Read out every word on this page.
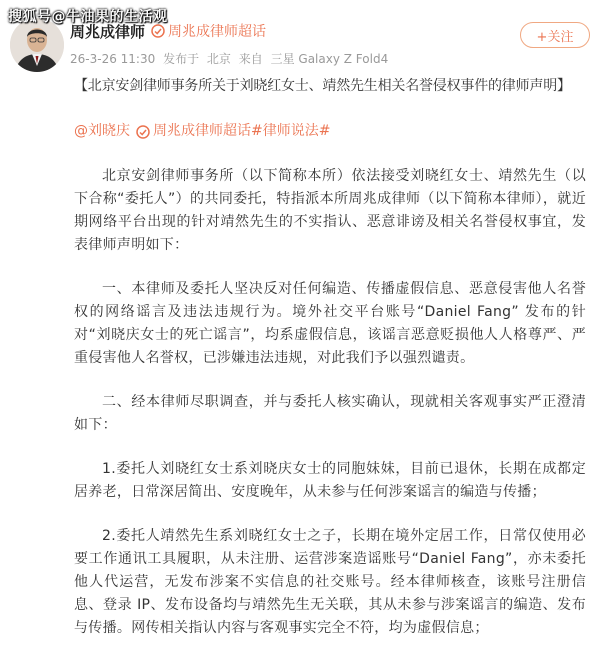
搜狐号@牛油果的生活观
周兆成律师 周兆成律师超话
26-3-26 11:30 发布于 北京 来自 三星 Galaxy Z Fold4
+关注
【北京安剑律师事务所关于刘晓红女士、靖然先生相关名誉侵权事件的律师声明】
@刘晓庆 周兆成律师超话 #律师说法#

北京安剑律师事务所（以下简称本所）依法接受刘晓红女士、靖然先生（以下合称“委托人”）的共同委托，特指派本所周兆成律师（以下简称本律师），就近期网络平台出现的针对靖然先生的不实指认、恶意诽谤及相关名誉侵权事宜，发表律师声明如下：

一、本律师及委托人坚决反对任何编造、传播虚假信息、恶意侵害他人名誉权的网络谣言及违法违规行为。境外社交平台账号“Daniel Fang” 发布的针对“刘晓庆女士的死亡谣言”，均系虚假信息，该谣言恶意贬损他人人格尊严、严重侵害他人名誉权，已涉嫌违法违规，对此我们予以强烈谴责。

二、经本律师尽职调查，并与委托人核实确认，现就相关客观事实严正澄清如下：

1.委托人刘晓红女士系刘晓庆女士的同胞妹妹，目前已退休，长期在成都定居养老，日常深居简出、安度晚年，从未参与任何涉案谣言的编造与传播；

2.委托人靖然先生系刘晓红女士之子，长期在境外定居工作，日常仅使用必要工作通讯工具履职，从未注册、运营涉案造谣账号“Daniel Fang”，亦未委托他人代运营，无发布涉案不实信息的社交账号。经本律师核查，该账号注册信息、登录 IP、发布设备均与靖然先生无关联，其从未参与涉案谣言的编造、发布与传播。网传相关指认内容与客观事实完全不符，均为虚假信息；
